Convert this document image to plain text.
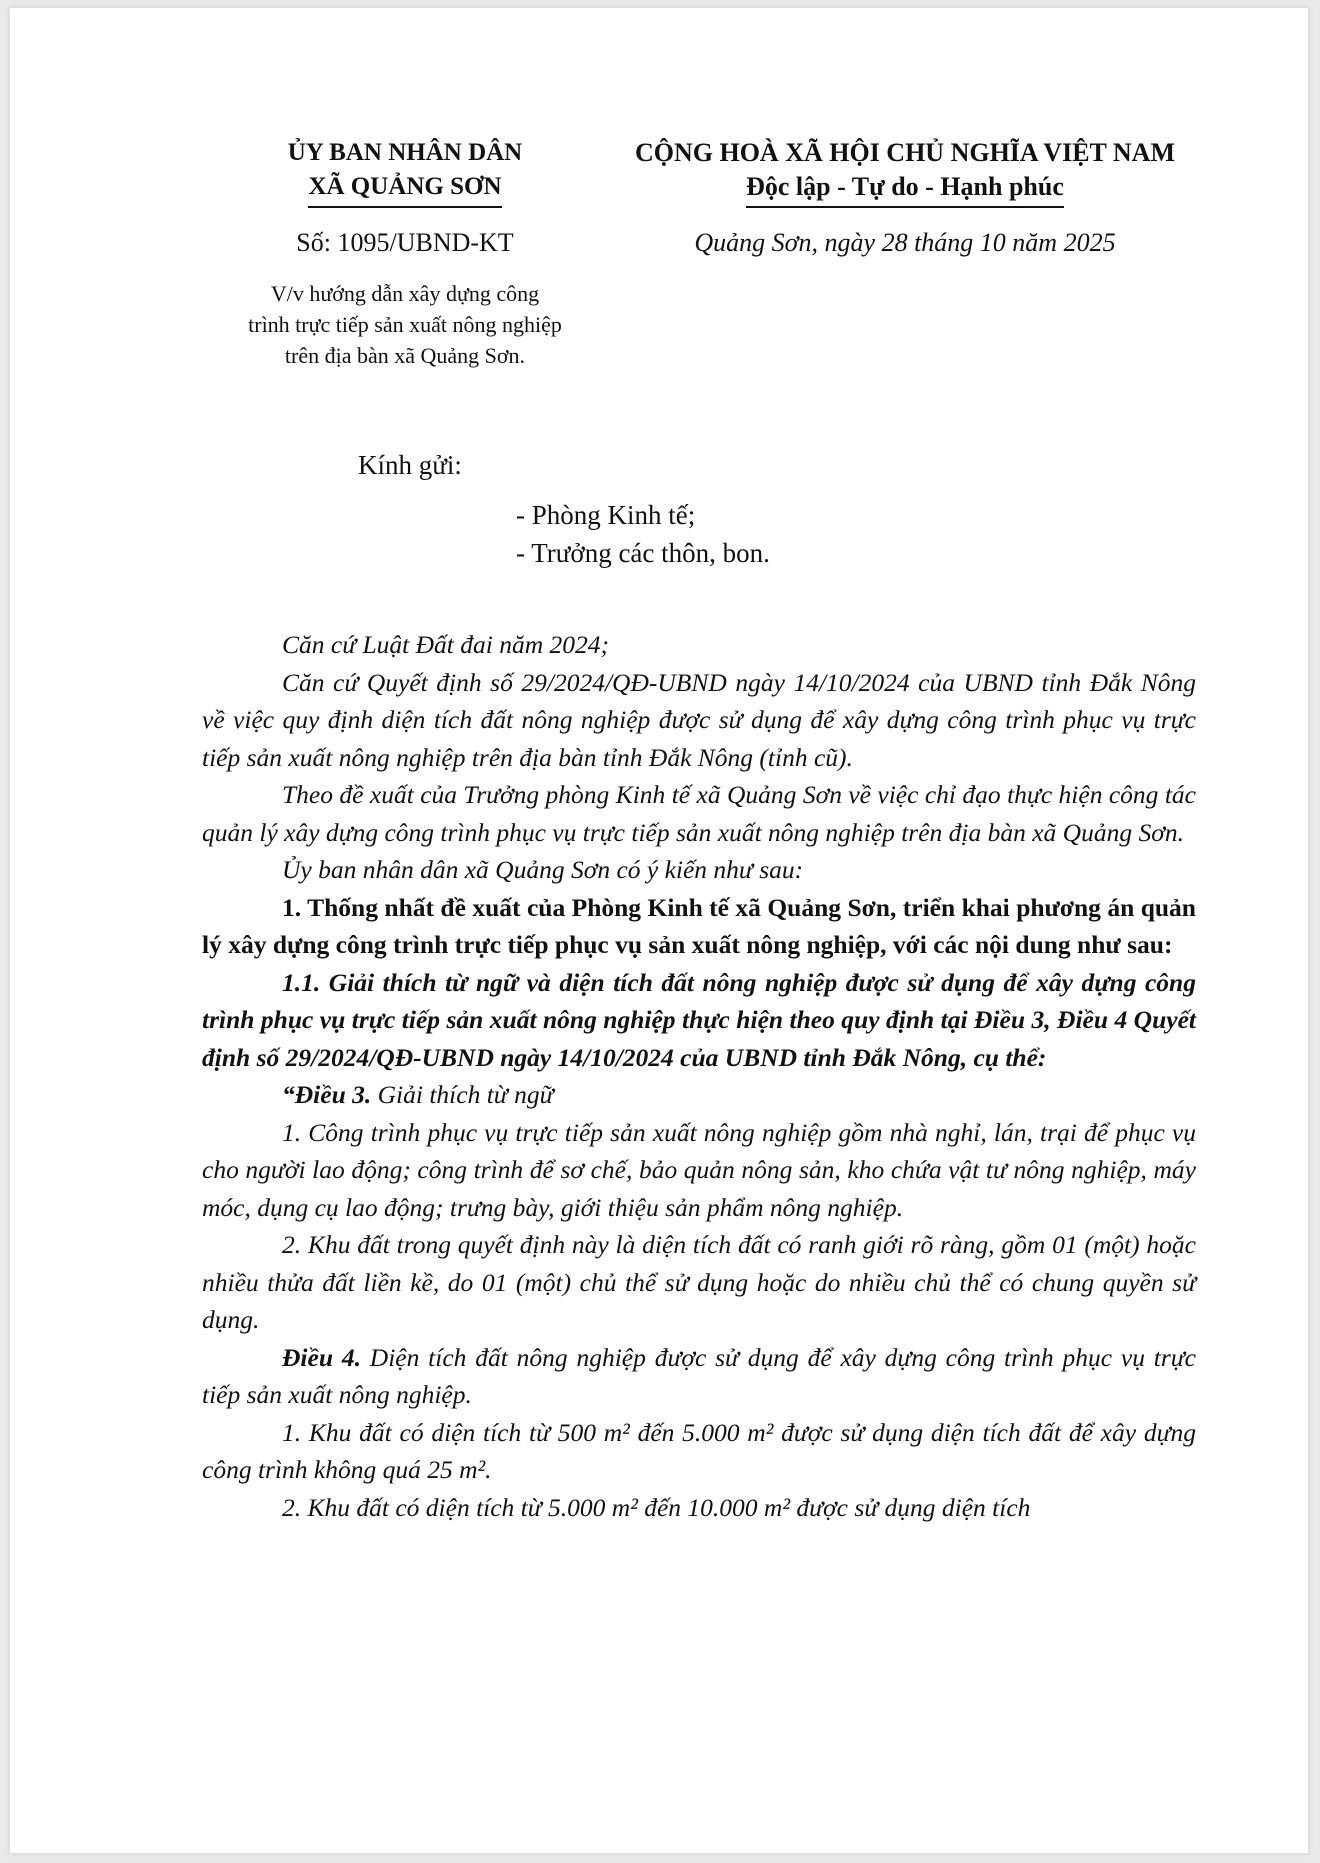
ỦY BAN NHÂN DÂN
XÃ QUẢNG SƠN
CỘNG HOÀ XÃ HỘI CHỦ NGHĨA VIỆT NAM
Độc lập - Tự do - Hạnh phúc
Số: 1095/UBND-KT	Quảng Sơn, ngày 28 tháng 10 năm 2025
V/v hướng dẫn xây dựng công
trình trực tiếp sản xuất nông nghiệp
trên địa bàn xã Quảng Sơn.
Kính gửi:
- Phòng Kinh tế;
- Trưởng các thôn, bon.

Căn cứ Luật Đất đai năm 2024;

Căn cứ Quyết định số 29/2024/QĐ-UBND ngày 14/10/2024 của UBND tỉnh Đắk Nông về việc quy định diện tích đất nông nghiệp được sử dụng để xây dựng công trình phục vụ trực tiếp sản xuất nông nghiệp trên địa bàn tỉnh Đắk Nông (tỉnh cũ).

Theo đề xuất của Trưởng phòng Kinh tế xã Quảng Sơn về việc chỉ đạo thực hiện công tác quản lý xây dựng công trình phục vụ trực tiếp sản xuất nông nghiệp trên địa bàn xã Quảng Sơn.

Ủy ban nhân dân xã Quảng Sơn có ý kiến như sau:

1. Thống nhất đề xuất của Phòng Kinh tế xã Quảng Sơn, triển khai phương án quản lý xây dựng công trình trực tiếp phục vụ sản xuất nông nghiệp, với các nội dung như sau:

1.1. Giải thích từ ngữ và diện tích đất nông nghiệp được sử dụng để xây dựng công trình phục vụ trực tiếp sản xuất nông nghiệp thực hiện theo quy định tại Điều 3, Điều 4 Quyết định số 29/2024/QĐ-UBND ngày 14/10/2024 của UBND tỉnh Đắk Nông, cụ thể:

“Điều 3. Giải thích từ ngữ

1. Công trình phục vụ trực tiếp sản xuất nông nghiệp gồm nhà nghỉ, lán, trại để phục vụ cho người lao động; công trình để sơ chế, bảo quản nông sản, kho chứa vật tư nông nghiệp, máy móc, dụng cụ lao động; trưng bày, giới thiệu sản phẩm nông nghiệp.

2. Khu đất trong quyết định này là diện tích đất có ranh giới rõ ràng, gồm 01 (một) hoặc nhiều thửa đất liền kề, do 01 (một) chủ thể sử dụng hoặc do nhiều chủ thể có chung quyền sử dụng.

Điều 4. Diện tích đất nông nghiệp được sử dụng để xây dựng công trình phục vụ trực tiếp sản xuất nông nghiệp.

1. Khu đất có diện tích từ 500 m² đến 5.000 m² được sử dụng diện tích đất để xây dựng công trình không quá 25 m².

2. Khu đất có diện tích từ 5.000 m² đến 10.000 m² được sử dụng diện tích
